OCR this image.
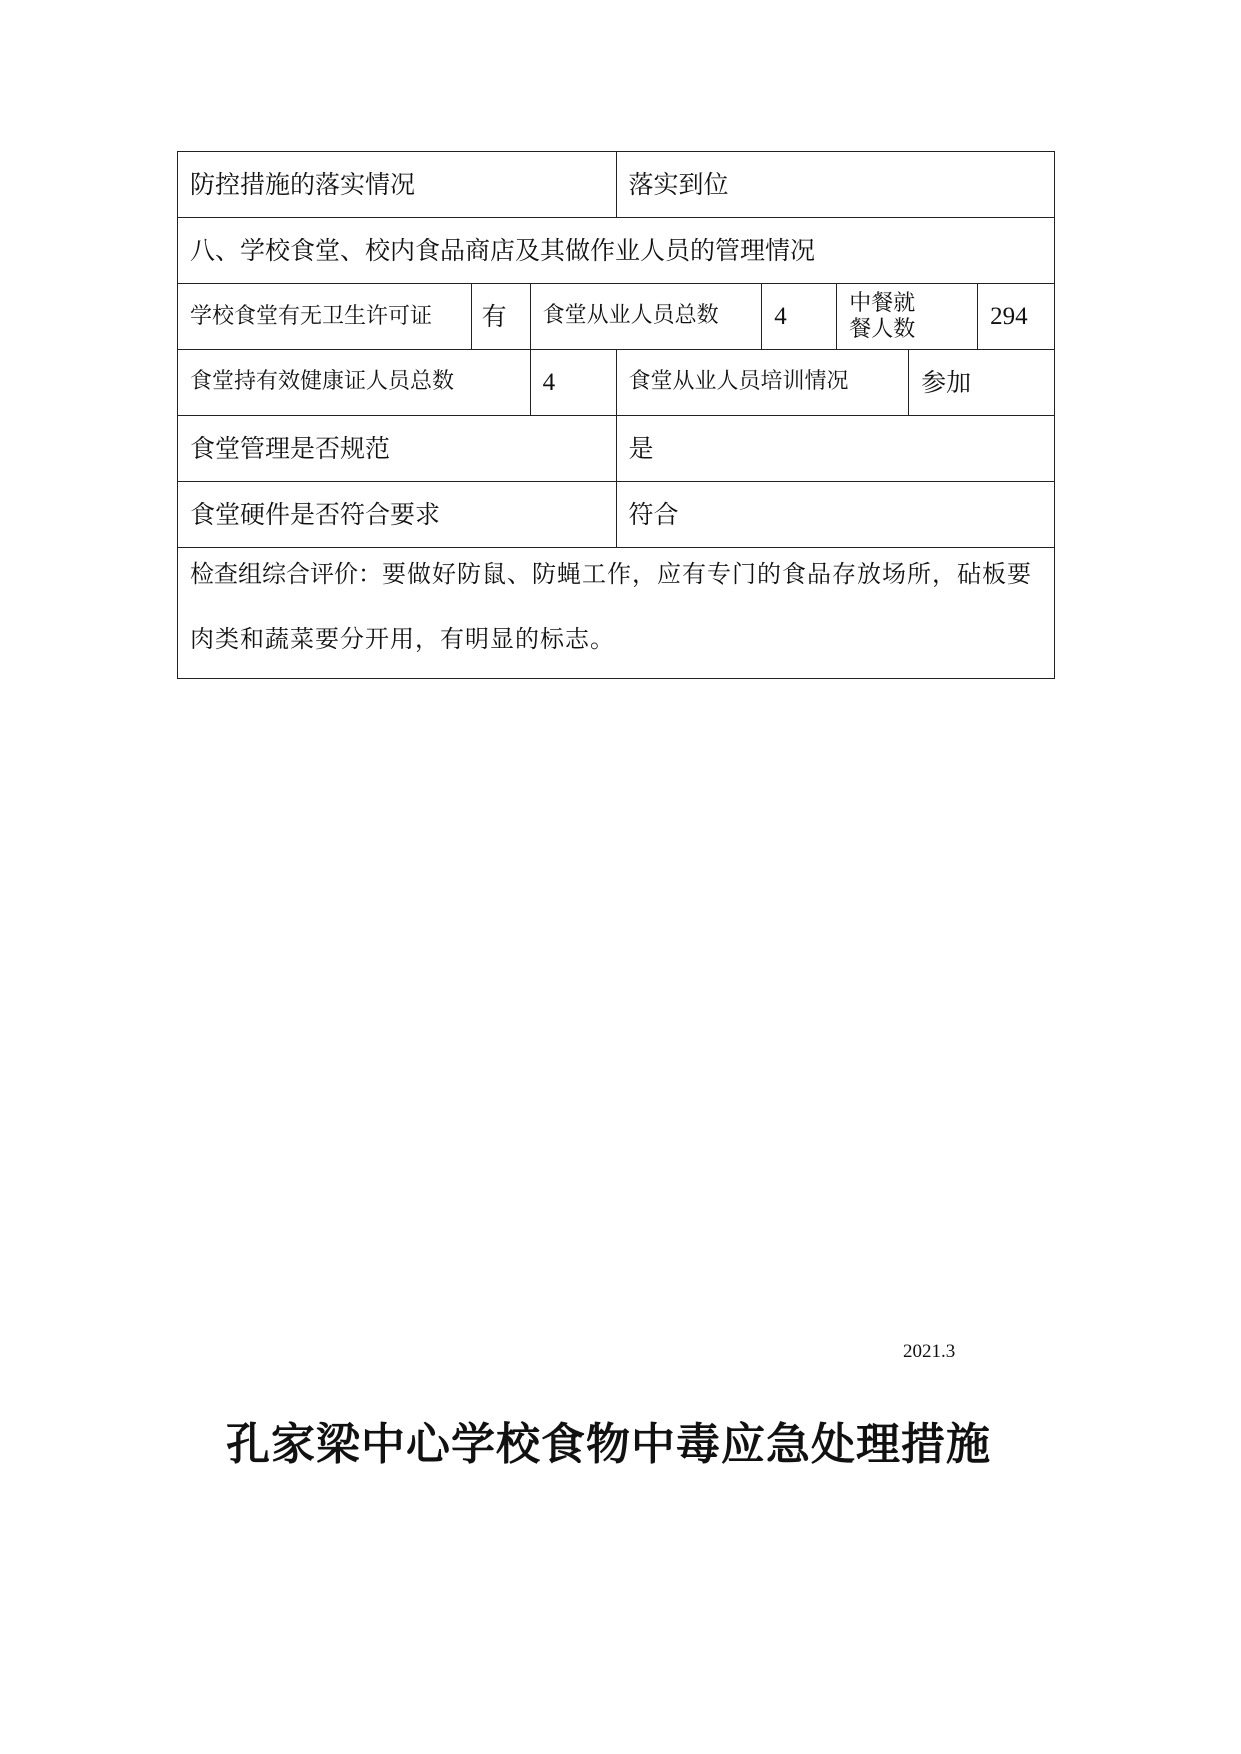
防控措施的落实情况	落实到位
八、学校食堂、校内食品商店及其做作业人员的管理情况
学校食堂有无卫生许可证	有	食堂从业人员总数	4	中餐就餐人数	294
食堂持有效健康证人员总数	4	食堂从业人员培训情况	参加
食堂管理是否规范	是
食堂硬件是否符合要求	符合

检查组综合评价：要做好防鼠、防蝇工作，应有专门的食品存放场所，砧板要肉类和蔬菜要分开用，有明显的标志。

2021.3
孔家梁中心学校食物中毒应急处理措施
